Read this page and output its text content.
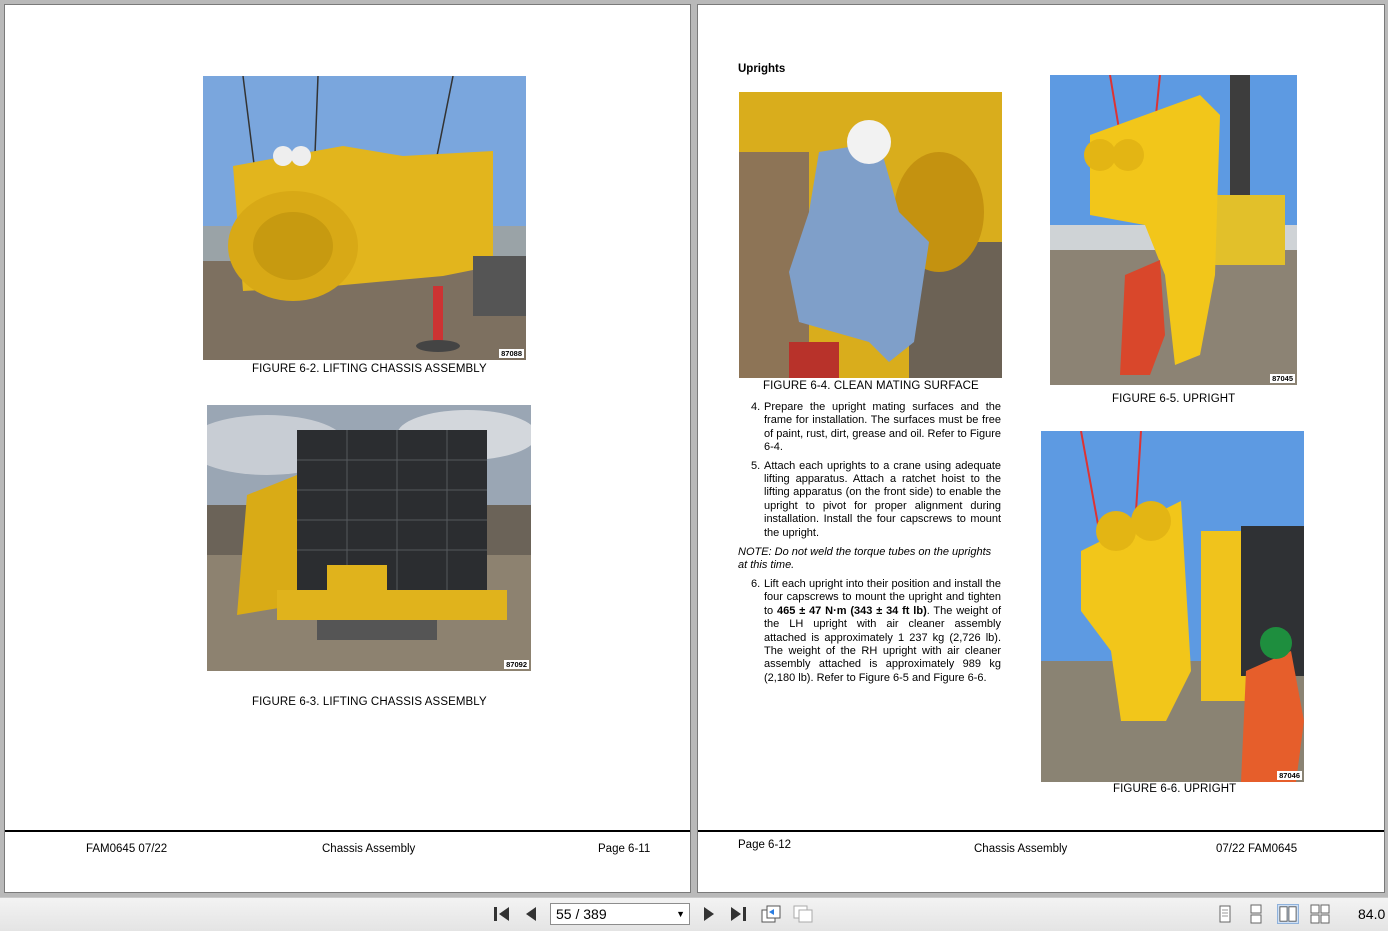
87088
FIGURE 6-2. LIFTING CHASSIS ASSEMBLY
87092
FIGURE 6-3. LIFTING CHASSIS ASSEMBLY
FAM0645 07/22	Chassis Assembly	Page 6-11
Uprights
FIGURE 6-4. CLEAN MATING SURFACE
87045
FIGURE 6-5. UPRIGHT
87046
FIGURE 6-6. UPRIGHT
4. Prepare the upright mating surfaces and the frame for installation. The surfaces must be free of paint, rust, dirt, grease and oil. Refer to Figure 6-4.
5. Attach each uprights to a crane using adequate lifting apparatus. Attach a ratchet hoist to the lifting apparatus (on the front side) to enable the upright to pivot for proper alignment during installation. Install the four capscrews to mount the upright.
NOTE: Do not weld the torque tubes on the uprights at this time.
6. Lift each upright into their position and install the four capscrews to mount the upright and tighten to 465 ± 47 N·m (343 ± 34 ft lb). The weight of the LH upright with air cleaner assembly attached is approximately 1 237 kg (2,726 lb). The weight of the RH upright with air cleaner assembly attached is approximately 989 kg (2,180 lb). Refer to Figure 6-5 and Figure 6-6.
Page 6-12	Chassis Assembly	07/22 FAM0645
55 / 389	▼	84.0
